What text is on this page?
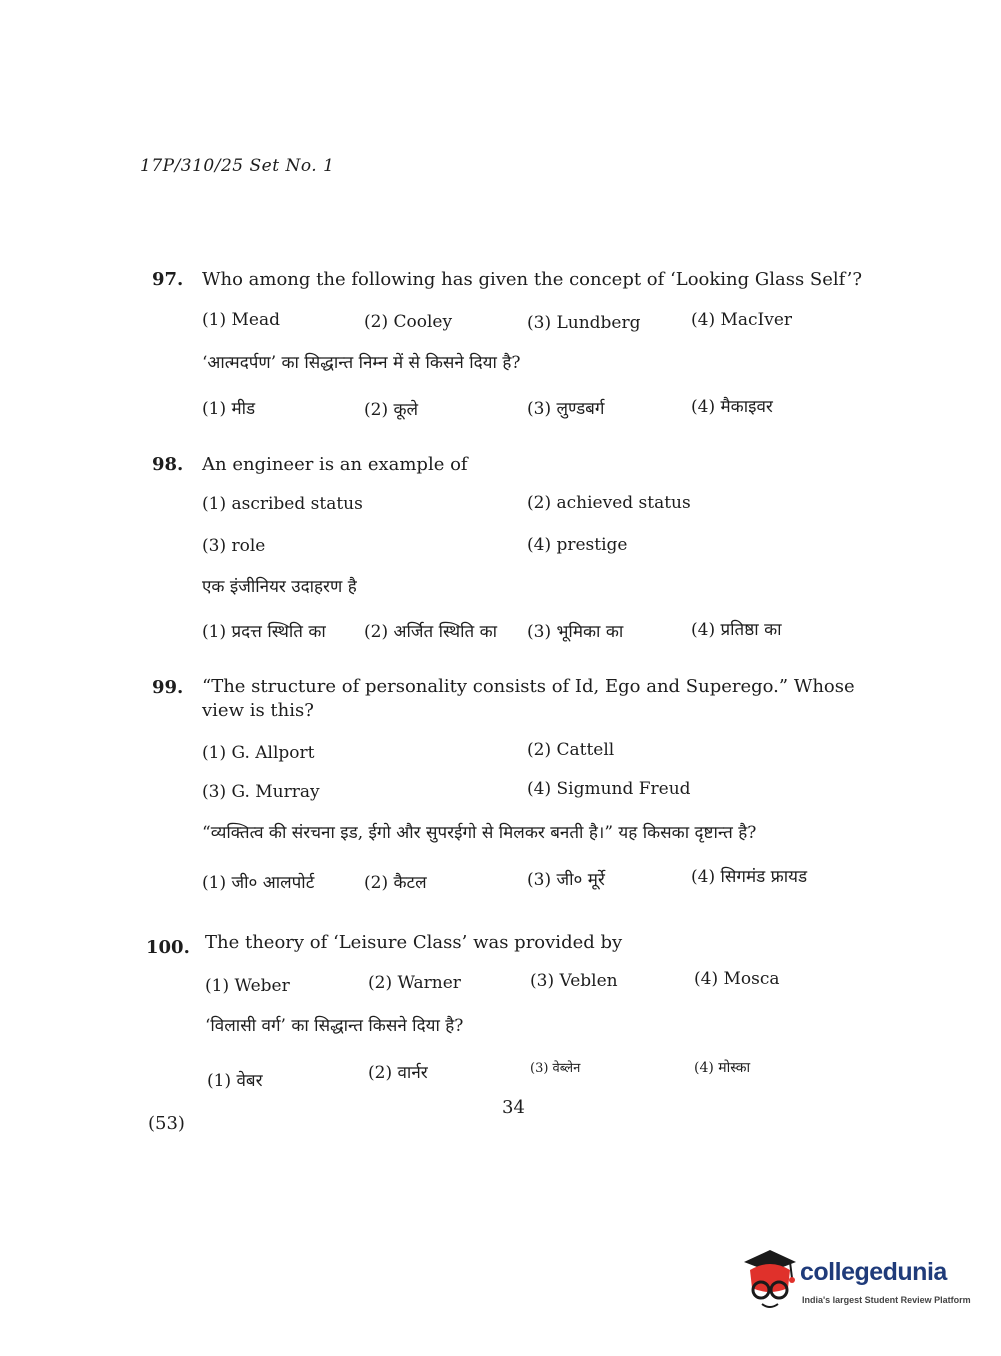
17P/310/25 Set No. 1
97. Who among the following has given the concept of ‘Looking Glass Self’?
(1) Mead	(2) Cooley	(3) Lundberg	(4) MacIver
‘आत्मदर्पण’ का सिद्धान्त निम्न में से किसने दिया है?
(1) मीड	(2) कूले	(3) लुण्डबर्ग	(4) मैकाइवर
98. An engineer is an example of
(1) ascribed status	(2) achieved status
(3) role	(4) prestige
एक इंजीनियर उदाहरण है
(1) प्रदत्त स्थिति का (2) अर्जित स्थिति का (3) भूमिका का	(4) प्रतिष्ठा का
99. “The structure of personality consists of Id, Ego and Superego.” Whose view is this?
(1) G. Allport	(2) Cattell
(3) G. Murray	(4) Sigmund Freud
“व्यक्तित्व की संरचना इड, ईगो और सुपरईगो से मिलकर बनती है।” यह किसका दृष्टान्त है?
(1) जी० आलपोर्ट	(2) कैटल	(3) जी० मूर्रे	(4) सिगमंड फ्रायड
100. The theory of ‘Leisure Class’ was provided by
(1) Weber	(2) Warner	(3) Veblen	(4) Mosca
‘विलासी वर्ग’ का सिद्धान्त किसने दिया है?
(1) वेबर	(2) वार्नर	(3) वेब्लेन	(4) मोस्का
34
(53)
collegedunia
India's largest Student Review Platform
